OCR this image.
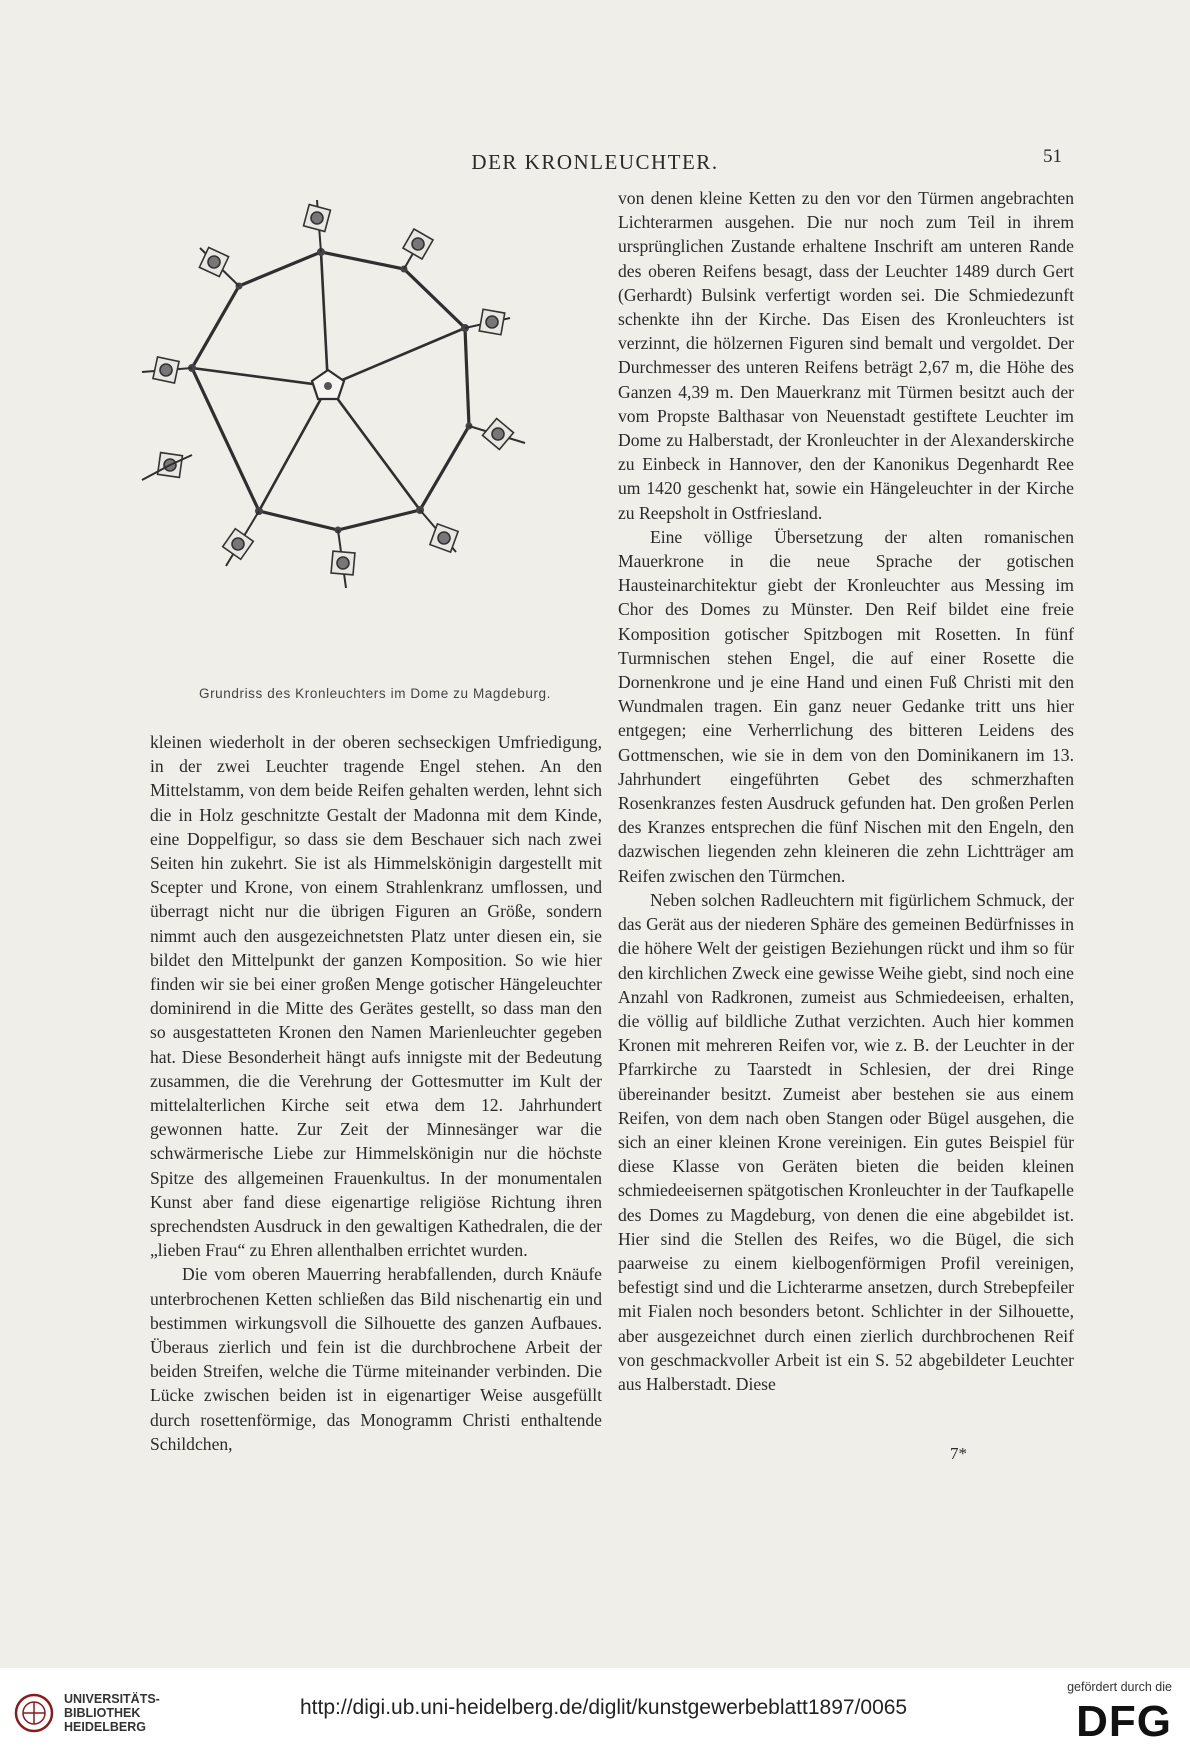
DER KRONLEUCHTER.	51
Grundriss des Kronleuchters im Dome zu Magdeburg.

kleinen wiederholt in der oberen sechseckigen Umfriedigung, in der zwei Leuchter tragende Engel stehen. An den Mittelstamm, von dem beide Reifen gehalten werden, lehnt sich die in Holz geschnitzte Gestalt der Madonna mit dem Kinde, eine Doppelfigur, so dass sie dem Beschauer sich nach zwei Seiten hin zukehrt. Sie ist als Himmelskönigin dargestellt mit Scepter und Krone, von einem Strahlenkranz umflossen, und überragt nicht nur die übrigen Figuren an Größe, sondern nimmt auch den ausgezeichnetsten Platz unter diesen ein, sie bildet den Mittelpunkt der ganzen Komposition. So wie hier finden wir sie bei einer großen Menge gotischer Hängeleuchter dominirend in die Mitte des Gerätes gestellt, so dass man den so ausgestatteten Kronen den Namen Marienleuchter gegeben hat. Diese Besonderheit hängt aufs innigste mit der Bedeutung zusammen, die die Verehrung der Gottesmutter im Kult der mittelalterlichen Kirche seit etwa dem 12. Jahrhundert gewonnen hatte. Zur Zeit der Minnesänger war die schwärmerische Liebe zur Himmelskönigin nur die höchste Spitze des allgemeinen Frauenkultus. In der monumentalen Kunst aber fand diese eigenartige religiöse Richtung ihren sprechendsten Ausdruck in den gewaltigen Kathedralen, die der „lieben Frau“ zu Ehren allenthalben errichtet wurden.

Die vom oberen Mauerring herabfallenden, durch Knäufe unterbrochenen Ketten schließen das Bild nischenartig ein und bestimmen wirkungsvoll die Silhouette des ganzen Aufbaues. Überaus zierlich und fein ist die durchbrochene Arbeit der beiden Streifen, welche die Türme miteinander verbinden. Die Lücke zwischen beiden ist in eigenartiger Weise ausgefüllt durch rosettenförmige, das Monogramm Christi enthaltende Schildchen,

von denen kleine Ketten zu den vor den Türmen angebrachten Lichterarmen ausgehen. Die nur noch zum Teil in ihrem ursprünglichen Zustande erhaltene Inschrift am unteren Rande des oberen Reifens besagt, dass der Leuchter 1489 durch Gert (Gerhardt) Bulsink verfertigt worden sei. Die Schmiedezunft schenkte ihn der Kirche. Das Eisen des Kronleuchters ist verzinnt, die hölzernen Figuren sind bemalt und vergoldet. Der Durchmesser des unteren Reifens beträgt 2,67 m, die Höhe des Ganzen 4,39 m. Den Mauerkranz mit Türmen besitzt auch der vom Propste Balthasar von Neuenstadt gestiftete Leuchter im Dome zu Halberstadt, der Kronleuchter in der Alexanderskirche zu Einbeck in Hannover, den der Kanonikus Degenhardt Ree um 1420 geschenkt hat, sowie ein Hängeleuchter in der Kirche zu Reepsholt in Ostfriesland.

Eine völlige Übersetzung der alten romanischen Mauerkrone in die neue Sprache der gotischen Hausteinarchitektur giebt der Kronleuchter aus Messing im Chor des Domes zu Münster. Den Reif bildet eine freie Komposition gotischer Spitzbogen mit Rosetten. In fünf Turmnischen stehen Engel, die auf einer Rosette die Dornenkrone und je eine Hand und einen Fuß Christi mit den Wundmalen tragen. Ein ganz neuer Gedanke tritt uns hier entgegen; eine Verherrlichung des bitteren Leidens des Gottmenschen, wie sie in dem von den Dominikanern im 13. Jahrhundert eingeführten Gebet des schmerzhaften Rosenkranzes festen Ausdruck gefunden hat. Den großen Perlen des Kranzes entsprechen die fünf Nischen mit den Engeln, den dazwischen liegenden zehn kleineren die zehn Lichtträger am Reifen zwischen den Türmchen.

Neben solchen Radleuchtern mit figürlichem Schmuck, der das Gerät aus der niederen Sphäre des gemeinen Bedürfnisses in die höhere Welt der geistigen Beziehungen rückt und ihm so für den kirchlichen Zweck eine gewisse Weihe giebt, sind noch eine Anzahl von Radkronen, zumeist aus Schmiedeeisen, erhalten, die völlig auf bildliche Zuthat verzichten. Auch hier kommen Kronen mit mehreren Reifen vor, wie z. B. der Leuchter in der Pfarrkirche zu Taarstedt in Schlesien, der drei Ringe übereinander besitzt. Zumeist aber bestehen sie aus einem Reifen, von dem nach oben Stangen oder Bügel ausgehen, die sich an einer kleinen Krone vereinigen. Ein gutes Beispiel für diese Klasse von Geräten bieten die beiden kleinen schmiedeeisernen spätgotischen Kronleuchter in der Taufkapelle des Domes zu Magdeburg, von denen die eine abgebildet ist. Hier sind die Stellen des Reifes, wo die Bügel, die sich paarweise zu einem kielbogenförmigen Profil vereinigen, befestigt sind und die Lichterarme ansetzen, durch Strebepfeiler mit Fialen noch besonders betont. Schlichter in der Silhouette, aber ausgezeichnet durch einen zierlich durchbrochenen Reif von geschmackvoller Arbeit ist ein S. 52 abgebildeter Leuchter aus Halberstadt. Diese

7*
UNIVERSITÄTS-
BIBLIOTHEK
HEIDELBERG
http://digi.ub.uni-heidelberg.de/diglit/kunstgewerbeblatt1897/0065
gefördert durch die
DFG
